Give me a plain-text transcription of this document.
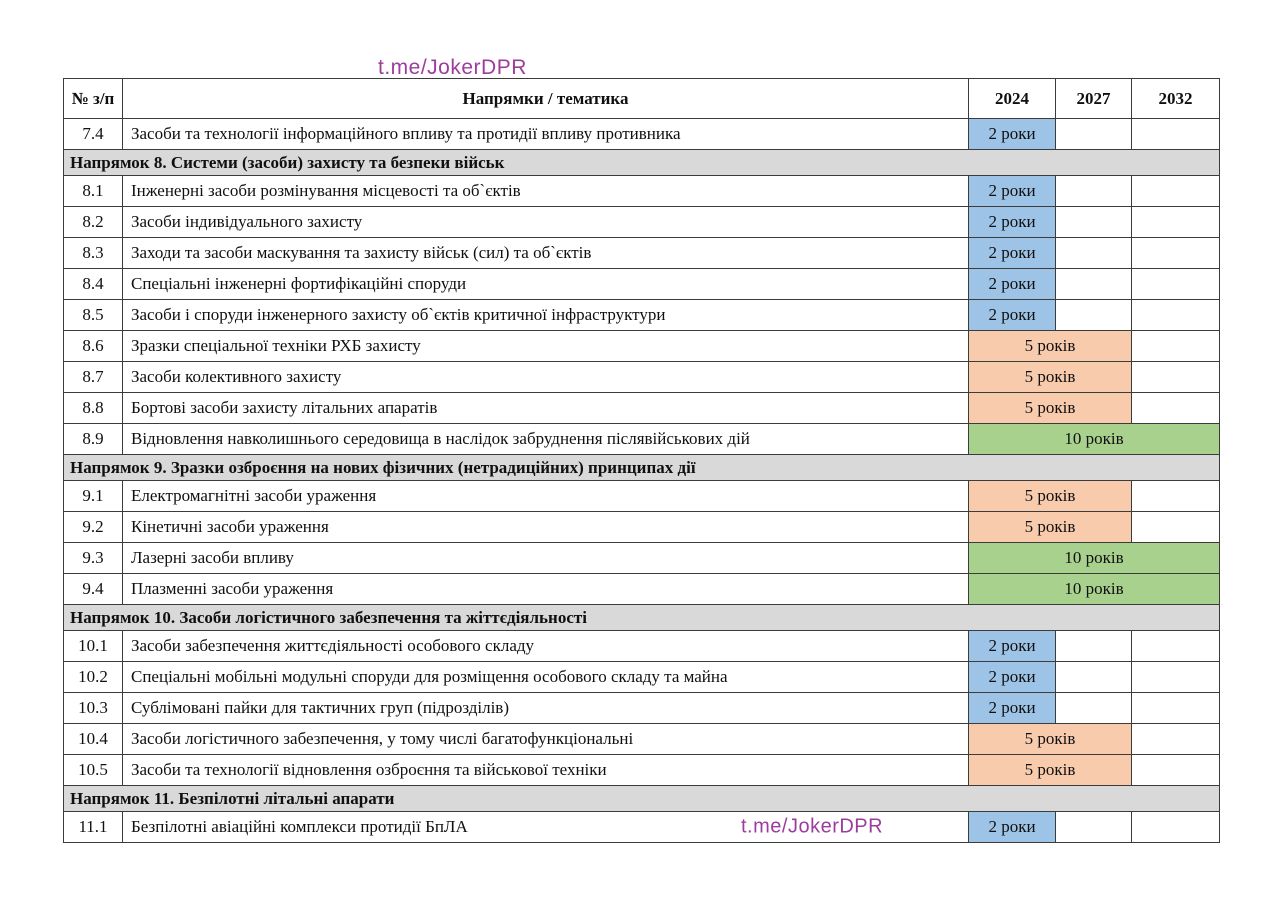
t.me/JokerDPR
№ з/п	Напрямки / тематика	2024	2027	2032
7.4	Засоби та технології інформаційного впливу та протидії впливу противника	2 роки		
Напрямок 8. Системи (засоби) захисту та безпеки військ				
8.1	Інженерні засоби розмінування місцевості та об`єктів	2 роки		
8.2	Засоби індивідуального захисту	2 роки		
8.3	Заходи та засоби маскування та захисту військ (сил) та об`єктів	2 роки		
8.4	Спеціальні інженерні фортифікаційні споруди	2 роки		
8.5	Засоби і споруди інженерного захисту об`єктів критичної інфраструктури	2 роки		
8.6	Зразки спеціальної техніки РХБ захисту	5 років		
8.7	Засоби колективного захисту	5 років		
8.8	Бортові засоби захисту літальних апаратів	5 років		
8.9	Відновлення навколишнього середовища в наслідок забруднення післявійськових дій	10 років		
Напрямок 9. Зразки озброєння на нових фізичних (нетрадиційних) принципах дії				
9.1	Електромагнітні засоби ураження	5 років		
9.2	Кінетичні засоби ураження	5 років		
9.3	Лазерні засоби впливу	10 років		
9.4	Плазменні засоби ураження	10 років		
Напрямок 10. Засоби логістичного забезпечення та жіттєдіяльності				
10.1	Засоби забезпечення життєдіяльності особового складу	2 роки		
10.2	Спеціальні мобільні модульні споруди для розміщення особового складу та майна	2 роки		
10.3	Сублімовані пайки для тактичних груп (підрозділів)	2 роки		
10.4	Засоби логістичного забезпечення, у тому числі багатофункціональні	5 років		
10.5	Засоби та технології відновлення озброєння та військової техніки	5 років		
Напрямок 11. Безпілотні літальні апарати				
11.1	Безпілотні авіаційні комплекси протидії БпЛА t.me/JokerDPR	2 роки		
